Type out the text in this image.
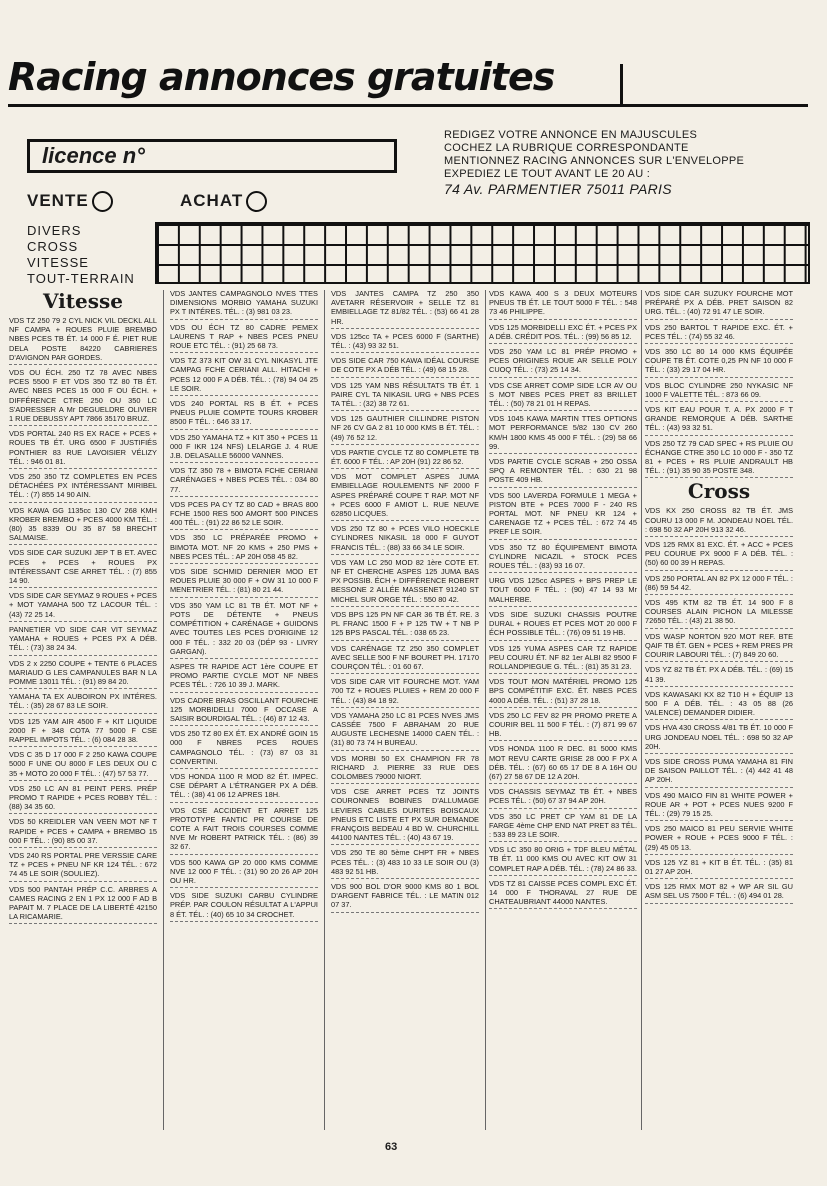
Racing annonces gratuites
licence n°
REDIGEZ VOTRE ANNONCE EN MAJUSCULES
COCHEZ LA RUBRIQUE CORRESPONDANTE
MENTIONNEZ RACING ANNONCES SUR L'ENVELOPPE
EXPEDIEZ LE TOUT AVANT LE 20 AU :
74 Av. PARMENTIER 75011 PARIS
VENTE	ACHAT
DIVERS
CROSS
VITESSE
TOUT-TERRAIN
Vitesse
VDS TZ 250 79 2 CYL NICK VIL DECKL ALL NF CAMPA + ROUES PLUIE BREMBO NBES PCES TB ÉT. 14 000 F É. PIET RUE DELA POSTE 84220 CABRIERES D'AVIGNON PAR GORDES.
VDS OU ÉCH. 250 TZ 78 AVEC NBES PCES 5500 F ET VDS 350 TZ 80 TB ÉT. AVEC NBES PCES 15 000 F OU ÉCH. + DIFFÉRENCE CTRE 250 OU 350 LC S'ADRESSER A Mr DEGUELDRE OLIVIER 1 RUE DEBUSSY APT 7866 35170 BRUZ.
VDS PORTAL 240 RS EX RACE + PCES + ROUES TB ÉT. URG 6500 F JUSTIFIÉS PONTHIER 83 RUE LAVOISIER VÉLIZY TÉL. : 946 01 81.
VDS 250 350 TZ COMPLETES EN PCES DÉTACHÉES PX INTÉRESSANT MIRIBEL TÉL. : (7) 855 14 90 AIN.
VDS KAWA GG 1135cc 130 CV 268 KMH KROBER BREMBO + PCES 4000 KM TÉL. : (80) 35 8339 OU 35 87 58 BRECHT SALMAISE.
VDS SIDE CAR SUZUKI JEP T B ET. AVEC PCES + PCES + ROUES PX INTÉRESSANT CSE ARRET TÉL. : (7) 855 14 90.
VDS SIDE CAR SEYMAZ 9 ROUES + PCES + MOT YAMAHA 500 TZ LACOUR TÉL. : (43) 72 25 14.
PANNETIER VD SIDE CAR VIT SEYMAZ YAMAHA + ROUES + PCES PX A DÉB. TÉL. : (73) 38 24 34.
VDS 2 x 2250 COUPE + TENTE 6 PLACES MARIAUD G LES CAMPANULES BAR N LA POMME 13011 TÉL. : (91) 89 84 20.
YAMAHA TA EX AUBOIRON PX INTÉRES. TÉL. : (35) 28 67 83 LE SOIR.
VDS 125 YAM AIR 4500 F + KIT LIQUIDE 2000 F + 348 COTA 77 5000 F CSE RAPPEL IMPOTS TÉL. : (6) 084 28 38.
VDS C 35 D 17 000 F 2 250 KAWA COUPE 5000 F UNE OU 8000 F LES DEUX OU C 35 + MOTO 20 000 F TÉL. : (47) 57 53 77.
VDS 250 LC AN 81 PEINT PERS. PRÉP PROMO T RAPIDE + PCES ROBBY TÉL. : (88) 34 35 60.
VDS 50 KREIDLER VAN VEEN MOT NF T RAPIDE + PCES + CAMPA + BREMBO 15 000 F TÉL. : (90) 85 00 37.
VDS 240 RS PORTAL PRE VERSSIE CARE TZ + PCES + PNEU NF KR 124 TÉL. : 672 74 45 LE SOIR (SOULIEZ).
VDS 500 PANTAH PRÉP C.C. ARBRES A CAMES RACING 2 EN 1 PX 12 000 F AD B PAPAIT M. 7 PLACE DE LA LIBERTÉ 42150 LA RICAMARIE.
VDS JANTES CAMPAGNOLO NVES TTES DIMENSIONS MORBIO YAMAHA SUZUKI PX T INTÉRES. TÉL. : (3) 981 03 23.
VDS OU ÉCH TZ 80 CADRE PEMEX LAURENS T RAP + NBES PCES PNEU ROUE ETC TÉL. : (91) 25 68 73.
VDS TZ 373 KIT OW 31 CYL NIKASYL JTE CAMPAG FCHE CERIANI ALL. HITACHI + PCES 12 000 F A DÉB. TÉL. : (78) 94 04 25 LE SOIR.
VDS 240 PORTAL RS B ÉT. + PCES PNEUS PLUIE COMPTE TOURS KROBER 8500 F TÉL. : 646 33 17.
VDS 250 YAMAHA TZ + KIT 350 + PCES 11 000 F IKR 124 NFS) LELARGE J. 4 RUE J.B. DELASALLE 56000 VANNES.
VDS TZ 350 78 + BIMOTA FCHE CERIANI CARÉNAGES + NBES PCES TÉL. : 034 80 77.
VDS PCES PA CY TZ 80 CAD + BRAS 800 FCHE 1500 RES 500 AMORT 500 PINCES 400 TÉL. : (91) 22 86 52 LE SOIR.
VDS 350 LC PRÉPARÉE PROMO + BIMOTA MOT. NF 20 KMS + 250 PMS + NBES PCES TÉL. : AP 20H 058 45 82.
VDS SIDE SCHMID DERNIER MOD ET ROUES PLUIE 30 000 F + OW 31 10 000 F MENETRIER TÉL. : (81) 80 21 44.
VDS 350 YAM LC 81 TB ÉT. MOT NF + POTS DE DÉTENTE + PNEUS COMPÉTITION + CARÉNAGE + GUIDONS AVEC TOUTES LES PCES D'ORIGINE 12 000 F TÉL. : 332 20 03 (DÉP 93 - LIVRY GARGAN).
ASPES TR RAPIDE ACT 1ère COUPE ET PROMO PARTIE CYCLE MOT NF NBES PCES TÉL. : 726 10 39 J. MARK.
VDS CADRE BRAS OSCILLANT FOURCHE 125 MORBIDELLI 7000 F OCCASE A SAISIR BOURDIGAL TÉL. : (46) 87 12 43.
VDS 250 TZ 80 EX ÉT. EX ANDRÉ GOIN 15 000 F NBRES PCES ROUES CAMPAGNOLO TÉL. : (73) 87 03 31 CONVERTINI.
VDS HONDA 1100 R MOD 82 ÉT. IMPEC. CSE DÉPART A L'ÉTRANGER PX A DÉB. TÉL. : (38) 41 06 12 APRES 18H.
VDS CSE ACCIDENT ET ARRET 125 PROTOTYPE FANTIC PR COURSE DE COTE A FAIT TROIS COURSES COMME NVE Mr ROBERT PATRICK TÉL. : (86) 39 32 67.
VDS 500 KAWA GP 20 000 KMS COMME NVE 12 000 F TÉL. : (31) 90 20 26 AP 20H OU HR.
VDS SIDE SUZUKI CARBU CYLINDRE PRÉP. PAR COULON RÉSULTAT A L'APPUI 8 ÉT. TÉL. : (40) 65 10 34 CROCHET.
VDS JANTES CAMPA TZ 250 350 AVETARR RÉSERVOIR + SELLE TZ 81 EMBIELLAGE TZ 81/82 TÉL. : (53) 66 41 28 HR.
VDS 125cc TA + PCES 6000 F (SARTHE) TÉL. : (43) 93 32 51.
VDS SIDE CAR 750 KAWA IDÉAL COURSE DE COTE PX A DÉB TÉL. : (49) 68 15 28.
VDS 125 YAM NBS RÉSULTATS TB ÉT. 1 PAIRE CYL TA NIKASIL URG + NBS PCES TA TÉL. : (32) 38 72 61.
VDS 125 GAUTHIER CILLINDRE PISTON NF 26 CV GA 2 81 10 000 KMS B ÉT. TÉL. : (49) 76 52 12.
VDS PARTIE CYCLE TZ 80 COMPLETE TB ÉT. 6000 F TÉL. : AP 20H (91) 22 86 52.
VDS MOT COMPLET ASPES JUMA EMBIELLAGE ROULEMENTS NF 2000 F ASPES PRÉPARÉ COUPE T RAP. MOT NF + PCES 6000 F AMIOT L. RUE NEUVE 62850 LICQUES.
VDS 250 TZ 80 + PCES VILO HOECKLE CYLINDRES NIKASIL 18 000 F GUYOT FRANCIS TÉL. : (88) 33 66 34 LE SOIR.
VDS YAM LC 250 MOD 82 1ère COTE ET. NF ET CHERCHE ASPES 125 JUMA BAS PX POSSIB. ÉCH + DIFFÉRENCE ROBERT BESSONE 2 ALLÉE MASSENET 91240 ST MICHEL SUR ORGE TÉL. : 550 80 42.
VDS BPS 125 PN NF CAR 36 TB ÉT. RE. 3 PL FRANC 1500 F + P 125 TW + T NB P 125 BPS PASCAL TÉL. : 038 65 23.
VDS CARÉNAGE TZ 250 350 COMPLET AVEC SELLE 500 F NF BOURET PH. 17170 COURÇON TÉL. : 01 60 67.
VDS SIDE CAR VIT FOURCHE MOT. YAM 700 TZ + ROUES PLUIES + REM 20 000 F TÉL. : (43) 84 18 92.
VDS YAMAHA 250 LC 81 PCES NVES JMS CASSÉE 7500 F ABRAHAM 20 RUE AUGUSTE LECHESNE 14000 CAEN TÉL. : (31) 80 73 74 H BUREAU.
VDS MORBI 50 EX CHAMPION FR 78 RICHARD J. PIERRE 33 RUE DES COLOMBES 79000 NIORT.
VDS CSE ARRET PCES TZ JOINTS COURONNES BOBINES D'ALLUMAGE LEVIERS CABLES DURITES BOISCAUX PNEUS ETC LISTE ET PX SUR DEMANDE FRANÇOIS BEDEAU 4 BD W. CHURCHILL 44100 NANTES TÉL. : (40) 43 67 19.
VDS 250 TE 80 5ème CHPT FR + NBES PCES TÉL. : (3) 483 10 33 LE SOIR OU (3) 483 92 51 HB.
VDS 900 BOL D'OR 9000 KMS 80 1 BOL D'ARGENT FABRICE TÉL. : LE MATIN 012 07 37.
VDS KAWA 400 S 3 DEUX MOTEURS PNEUS TB ÉT. LE TOUT 5000 F TÉL. : 548 73 46 PHILIPPE.
VDS 125 MORBIDELLI EXC ÉT. + PCES PX A DÉB. CRÉDIT POS. TÉL. : (99) 56 85 12.
VDS 250 YAM LC 81 PRÉP PROMO + PCES ORIGINES ROUE AR SELLE POLY CUOQ TÉL. : (73) 25 14 34.
VDS CSE ARRET COMP SIDE LCR AV OU S MOT NBES PCES PRET 83 BRILLET TÉL. : (50) 78 21 01 H REPAS.
VDS 1045 KAWA MARTIN TTES OPTIONS MOT PERFORMANCE 5/82 130 CV 260 KM/H 1800 KMS 45 000 F TÉL. : (29) 58 66 99.
VDS PARTIE CYCLE SCRAB + 250 OSSA SPQ A REMONTER TÉL. : 630 21 98 POSTE 409 HB.
VDS 500 LAVERDA FORMULE 1 MEGA + PISTON BTE + PCES 7000 F - 240 RS PORTAL MOT. NF PNEU KR 124 + CARENAGE TZ + PCES TÉL. : 672 74 45 PREF LE SOIR.
VDS 350 TZ 80 ÉQUIPEMENT BIMOTA CYLINDRE NICAZIL + STOCK PCES ROUES TÉL. : (83) 93 16 07.
URG VDS 125cc ASPES + BPS PREP LE TOUT 6000 F TÉL. : (90) 47 14 93 Mr MALHERBE.
VDS SIDE SUZUKI CHASSIS POUTRE DURAL + ROUES ET PCES MOT 20 000 F ÉCH POSSIBLE TÉL. : (76) 09 51 19 HB.
VDS 125 YUMA ASPES CAR TZ RAPIDE PEU COURU ÉT. NF 82 1er ALBI 82 9500 F ROLLANDPIEGUE G. TÉL. : (81) 35 31 23.
VDS TOUT MON MATÉRIEL PROMO 125 BPS COMPÉTITIF EXC. ÉT. NBES PCES 4000 A DÉB. TÉL. : (51) 37 28 18.
VDS 250 LC FEV 82 PR PROMO PRETE A COURIR BEL 11 500 F TÉL. : (7) 871 99 67 HB.
VDS HONDA 1100 R DEC. 81 5000 KMS MOT REVU CARTE GRISE 28 000 F PX A DÉB. TÉL. : (67) 60 65 17 DE 8 A 16H OU (67) 27 58 67 DE 12 A 20H.
VDS CHASSIS SEYMAZ TB ÉT. + NBES PCES TÉL. : (50) 67 37 94 AP 20H.
VDS 350 LC PRET CP YAM 81 DE LA FARGE 4ème CHP END NAT PRET 83 TÉL. : 533 89 23 LE SOIR.
VDS LC 350 80 ORIG + TDF BLEU MÉTAL TB ÉT. 11 000 KMS OU AVEC KIT OW 31 COMPLET RAP A DÉB. TÉL. : (78) 24 86 33.
VDS TZ 81 CAISSE PCES COMPL EXC ÉT. 14 000 F THORAVAL 27 RUE DE CHATEAUBRIANT 44000 NANTES.
VDS SIDE CAR SUZUKY FOURCHE MOT PRÉPARÉ PX A DÉB. PRET SAISON 82 URG. TÉL. : (40) 72 91 47 LE SOIR.
VDS 250 BARTOL T RAPIDE EXC. ÉT. + PCES TÉL. : (74) 55 32 46.
VDS 350 LC 80 14 000 KMS ÉQUIPÉE COUPE TB ÉT. COTE 0,25 PN NF 10 000 F TÉL. : (33) 29 17 04 HR.
VDS BLOC CYLINDRE 250 NYKASIC NF 1000 F VALETTE TÉL. : 873 66 09.
VDS KIT EAU POUR T. A. PX 2000 F T GRANDE REMORQUE A DÉB. SARTHE TÉL. : (43) 93 32 51.
VDS 250 TZ 79 CAD SPEC + RS PLUIE OU ÉCHANGE CTRE 350 LC 10 000 F - 350 TZ 81 + PCES + RS PLUIE ANDRAULT HB TÉL. : (91) 35 90 35 POSTE 348.
Cross
VDS KX 250 CROSS 82 TB ÉT. JMS COURU 13 000 F M. JONDEAU NOEL TÉL. : 698 50 32 AP 20H 913 32 46.
VDS 125 RMX 81 EXC. ÉT. + ACC + PCES PEU COURUE PX 9000 F A DÉB. TÉL. : (50) 60 00 39 H REPAS.
VDS 250 PORTAL AN 82 PX 12 000 F TÉL. : (86) 59 54 42.
VDS 495 KTM 82 TB ÉT. 14 900 F 8 COURSES ALAIN PICHON LA MILESSE 72650 TÉL. : (43) 21 38 50.
VDS WASP NORTON 920 MOT REF. BTE QAIF TB ÉT. GEN + PCES + REM PRES PR COURIR LABOURI TÉL. : (7) 849 20 60.
VDS YZ 82 TB ÉT. PX A DÉB. TÉL. : (69) 15 41 39.
VDS KAWASAKI KX 82 T10 H + ÉQUIP 13 500 F A DÉB. TÉL. : 43 05 88 (26 VALENCE) DEMANDER DIDIER.
VDS HVA 430 CROSS 4/81 TB ÉT. 10 000 F URG JONDEAU NOEL TÉL. : 698 50 32 AP 20H.
VDS SIDE CROSS PUMA YAMAHA 81 FIN DE SAISON PAILLOT TÉL. : (4) 442 41 48 AP 20H.
VDS 490 MAICO FIN 81 WHITE POWER + ROUE AR + POT + PCES NUES 9200 F TÉL. : (29) 79 15 25.
VDS 250 MAICO 81 PEU SERVIE WHITE POWER + ROUE + PCES 9000 F TÉL. : (29) 45 05 13.
VDS 125 YZ 81 + KIT B ÉT. TÉL. : (35) 81 01 27 AP 20H.
VDS 125 RMX MOT 82 + WP AR SIL GU ASM SEL US 7500 F TÉL. : (6) 494 01 28.
63
